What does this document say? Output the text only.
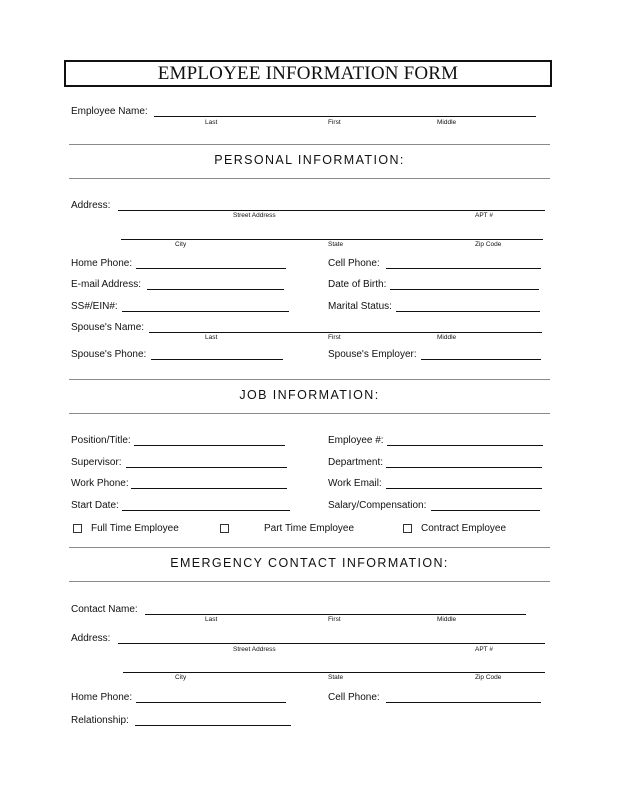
EMPLOYEE INFORMATION FORM
Employee Name:
Last	First	Middle
PERSONAL INFORMATION:
Address:
Street Address	APT #
City	State	Zip Code
Home Phone:	Cell Phone:
E-mail Address:	Date of Birth:
SS#/EIN#:	Marital Status:
Spouse's Name:
Last	First	Middle
Spouse's Phone:	Spouse's Employer:
JOB INFORMATION:
Position/Title:	Employee #:
Supervisor:	Department:
Work Phone:	Work Email:
Start Date:	Salary/Compensation:
Full Time Employee	Part Time Employee	Contract Employee
EMERGENCY CONTACT INFORMATION:
Contact Name:
Last	First	Middle
Address:
Street Address	APT #
City	State	Zip Code
Home Phone:	Cell Phone:
Relationship:
